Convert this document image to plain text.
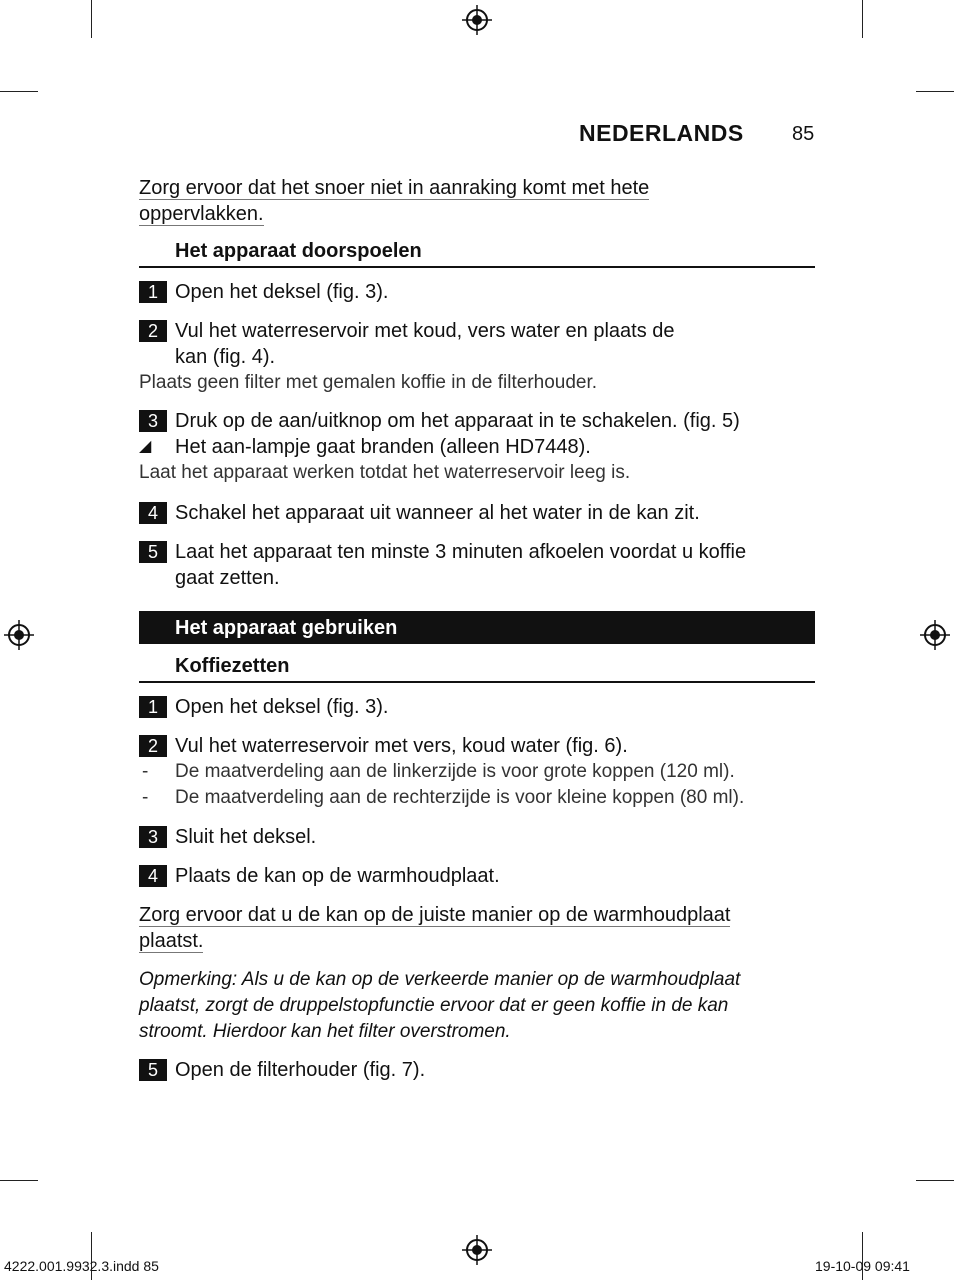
NEDERLANDS 85
Zorg ervoor dat het snoer niet in aanraking komt met hete
oppervlakken.
Het apparaat doorspoelen
1 Open het deksel (fig. 3).
2 Vul het waterreservoir met koud, vers water en plaats de
kan (fig. 4).
Plaats geen filter met gemalen koffie in de filterhouder.
3 Druk op de aan/uitknop om het apparaat in te schakelen. (fig. 5)
◢ Het aan-lampje gaat branden (alleen HD7448).
Laat het apparaat werken totdat het waterreservoir leeg is.
4 Schakel het apparaat uit wanneer al het water in de kan zit.
5 Laat het apparaat ten minste 3 minuten afkoelen voordat u koffie
gaat zetten.
Het apparaat gebruiken
Koffiezetten
1 Open het deksel (fig. 3).
2 Vul het waterreservoir met vers, koud water (fig. 6).
- De maatverdeling aan de linkerzijde is voor grote koppen (120 ml).
- De maatverdeling aan de rechterzijde is voor kleine koppen (80 ml).
3 Sluit het deksel.
4 Plaats de kan op de warmhoudplaat.
Zorg ervoor dat u de kan op de juiste manier op de warmhoudplaat
plaatst.
Opmerking: Als u de kan op de verkeerde manier op de warmhoudplaat
plaatst, zorgt de druppelstopfunctie ervoor dat er geen koffie in de kan
stroomt. Hierdoor kan het filter overstromen.
5 Open de filterhouder (fig. 7).
4222.001.9932.3.indd 85	19-10-09 09:41
